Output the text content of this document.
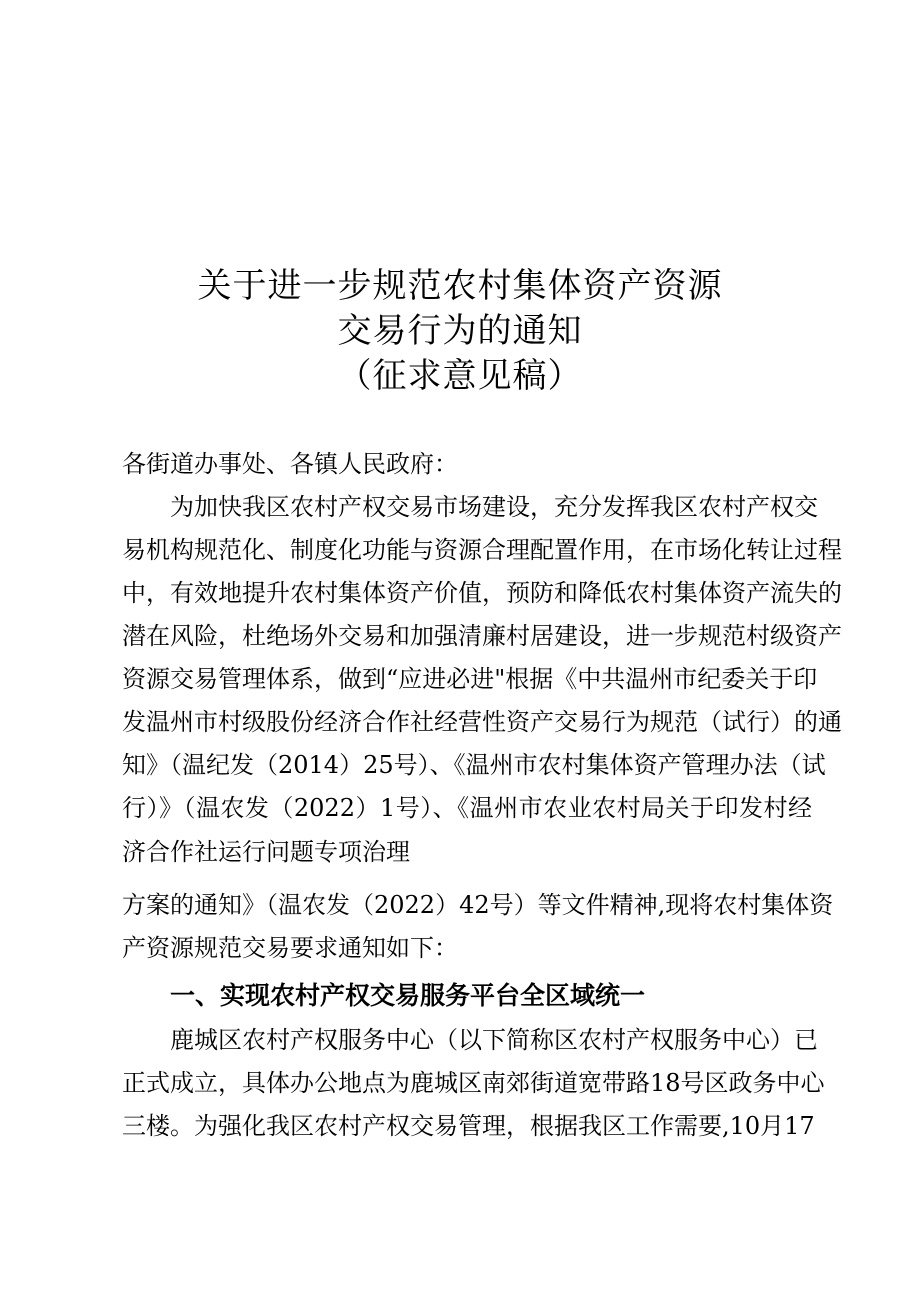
关于进一步规范农村集体资产资源
交易行为的通知
（征求意见稿）

各街道办事处、各镇人民政府：

为加快我区农村产权交易市场建设，充分发挥我区农村产权交

易机构规范化、制度化功能与资源合理配置作用，在市场化转让过程

中，有效地提升农村集体资产价值，预防和降低农村集体资产流失的

潜在风险，杜绝场外交易和加强清廉村居建设，进一步规范村级资产

资源交易管理体系，做到“应进必进"根据《中共温州市纪委关于印

发温州市村级股份经济合作社经营性资产交易行为规范（试行）的通

知》（温纪发（2014）25号）、《温州市农村集体资产管理办法（试

行）》（温农发（2022）1号）、《温州市农业农村局关于印发村经

济合作社运行问题专项治理

方案的通知》（温农发（2022）42号）等文件精神,现将农村集体资

产资源规范交易要求通知如下：

一、实现农村产权交易服务平台全区域统一

鹿城区农村产权服务中心（以下简称区农村产权服务中心）已

正式成立，具体办公地点为鹿城区南郊街道宽带路18号区政务中心

三楼。为强化我区农村产权交易管理，根据我区工作需要,10月17
